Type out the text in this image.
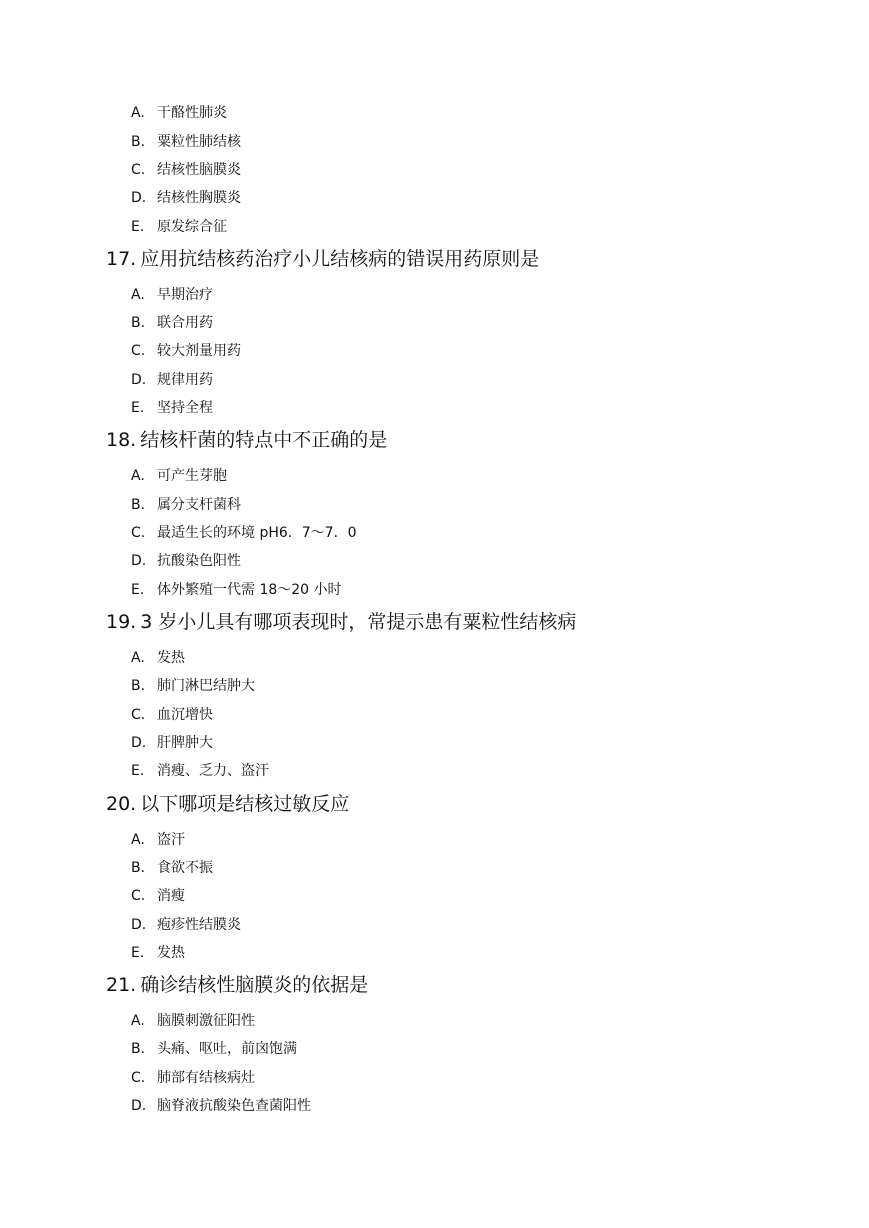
A. 干酪性肺炎
B. 粟粒性肺结核
C. 结核性脑膜炎
D. 结核性胸膜炎
E. 原发综合征
17. 应用抗结核药治疗小儿结核病的错误用药原则是
A. 早期治疗
B. 联合用药
C. 较大剂量用药
D. 规律用药
E. 坚持全程
18. 结核杆菌的特点中不正确的是
A. 可产生芽胞
B. 属分支杆菌科
C. 最适生长的环境 pH6．7～7．0
D. 抗酸染色阳性
E. 体外繁殖一代需 18～20 小时
19. 3 岁小儿具有哪项表现时，常提示患有粟粒性结核病
A. 发热
B. 肺门淋巴结肿大
C. 血沉增快
D. 肝脾肿大
E. 消瘦、乏力、盗汗
20. 以下哪项是结核过敏反应
A. 盗汗
B. 食欲不振
C. 消瘦
D. 疱疹性结膜炎
E. 发热
21. 确诊结核性脑膜炎的依据是
A. 脑膜刺激征阳性
B. 头痛、呕吐，前囟饱满
C. 肺部有结核病灶
D. 脑脊液抗酸染色查菌阳性
